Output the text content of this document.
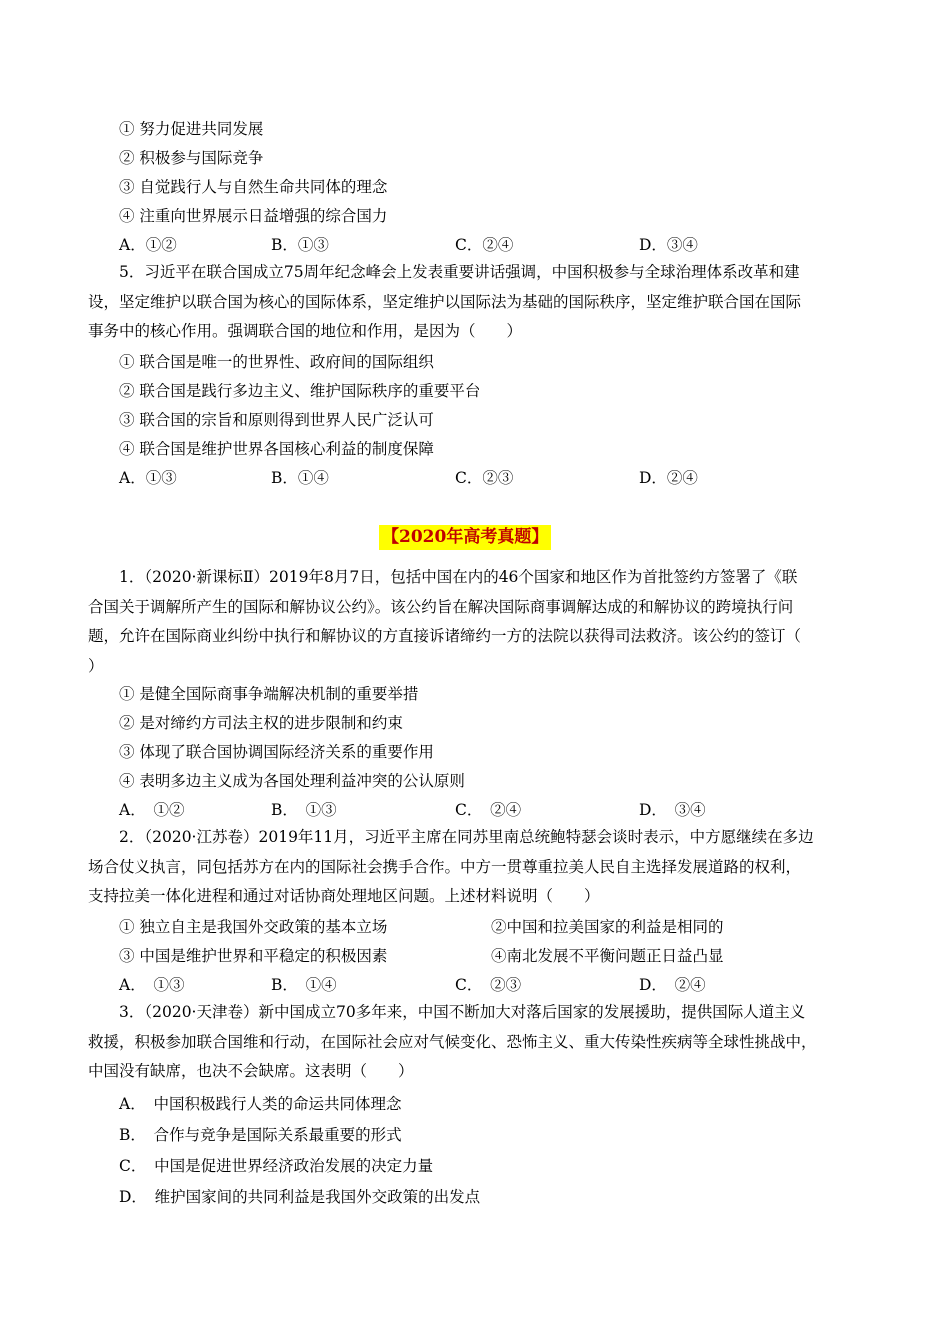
① 努力促进共同发展
② 积极参与国际竞争
③ 自觉践行人与自然生命共同体的理念
④ 注重向世界展示日益增强的综合国力
A．①②	B．①③	C．②④	D．③④
5．习近平在联合国成立75周年纪念峰会上发表重要讲话强调，中国积极参与全球治理体系改革和建
设，坚定维护以联合国为核心的国际体系，坚定维护以国际法为基础的国际秩序，坚定维护联合国在国际
事务中的核心作用。强调联合国的地位和作用，是因为（　　）
① 联合国是唯一的世界性、政府间的国际组织
② 联合国是践行多边主义、维护国际秩序的重要平台
③ 联合国的宗旨和原则得到世界人民广泛认可
④ 联合国是维护世界各国核心利益的制度保障
A．①③	B．①④	C．②③	D．②④
【2020年高考真题】
1．（2020·新课标Ⅱ）2019年8月7日，包括中国在内的46个国家和地区作为首批签约方签署了《联
合国关于调解所产生的国际和解协议公约》。该公约旨在解决国际商事调解达成的和解协议的跨境执行问
题，允许在国际商业纠纷中执行和解协议的方直接诉诸缔约一方的法院以获得司法救济。该公约的签订（
）
① 是健全国际商事争端解决机制的重要举措
② 是对缔约方司法主权的进步限制和约束
③ 体现了联合国协调国际经济关系的重要作用
④ 表明多边主义成为各国处理利益冲突的公认原则
A．　①②	B．　①③	C．　②④	D．　③④
2．（2020·江苏卷）2019年11月，习近平主席在同苏里南总统鲍特瑟会谈时表示，中方愿继续在多边
场合仗义执言，同包括苏方在内的国际社会携手合作。中方一贯尊重拉美人民自主选择发展道路的权利，
支持拉美一体化进程和通过对话协商处理地区问题。上述材料说明（　　）
① 独立自主是我国外交政策的基本立场	②中国和拉美国家的利益是相同的
③ 中国是维护世界和平稳定的积极因素	④南北发展不平衡问题正日益凸显
A．　①③	B．　①④	C．　②③	D．　②④
3．（2020·天津卷）新中国成立70多年来，中国不断加大对落后国家的发展援助，提供国际人道主义
救援，积极参加联合国维和行动，在国际社会应对气候变化、恐怖主义、重大传染性疾病等全球性挑战中，
中国没有缺席，也决不会缺席。这表明（　　）
A．　中国积极践行人类的命运共同体理念
B．　合作与竞争是国际关系最重要的形式
C．　中国是促进世界经济政治发展的决定力量
D．　维护国家间的共同利益是我国外交政策的出发点
